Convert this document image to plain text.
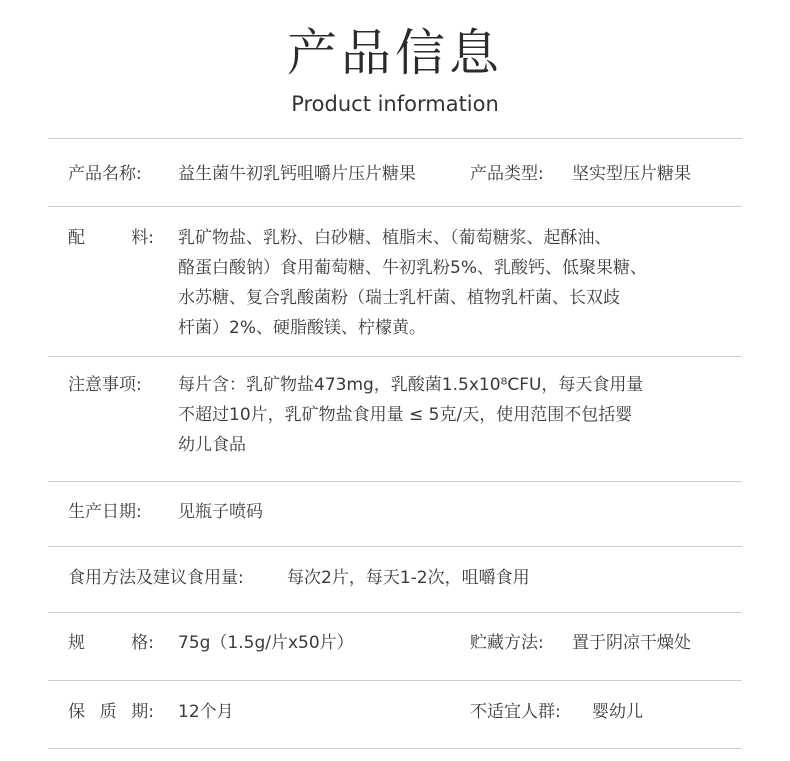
产品信息
Product information
产品名称: 益生菌牛初乳钙咀嚼片压片糖果	产品类型: 坚实型压片糖果
配	料: 乳矿物盐、乳粉、白砂糖、植脂末、（葡萄糖浆、起酥油、
酪蛋白酸钠）食用葡萄糖、牛初乳粉5%、乳酸钙、低聚果糖、
水苏糖、复合乳酸菌粉（瑞士乳杆菌、植物乳杆菌、长双歧
杆菌）2%、硬脂酸镁、柠檬黄。
注意事项: 每片含：乳矿物盐473mg，乳酸菌1.5x10⁸CFU，每天食用量
不超过10片，乳矿物盐食用量 ≤ 5克/天，使用范围不包括婴
幼儿食品
生产日期: 见瓶子喷码
食用方法及建议食用量:	每次2片，每天1-2次，咀嚼食用
规	格: 75g（1.5g/片x50片）	贮藏方法: 置于阴凉干燥处
保 质 期: 12个月	不适宜人群: 婴幼儿
